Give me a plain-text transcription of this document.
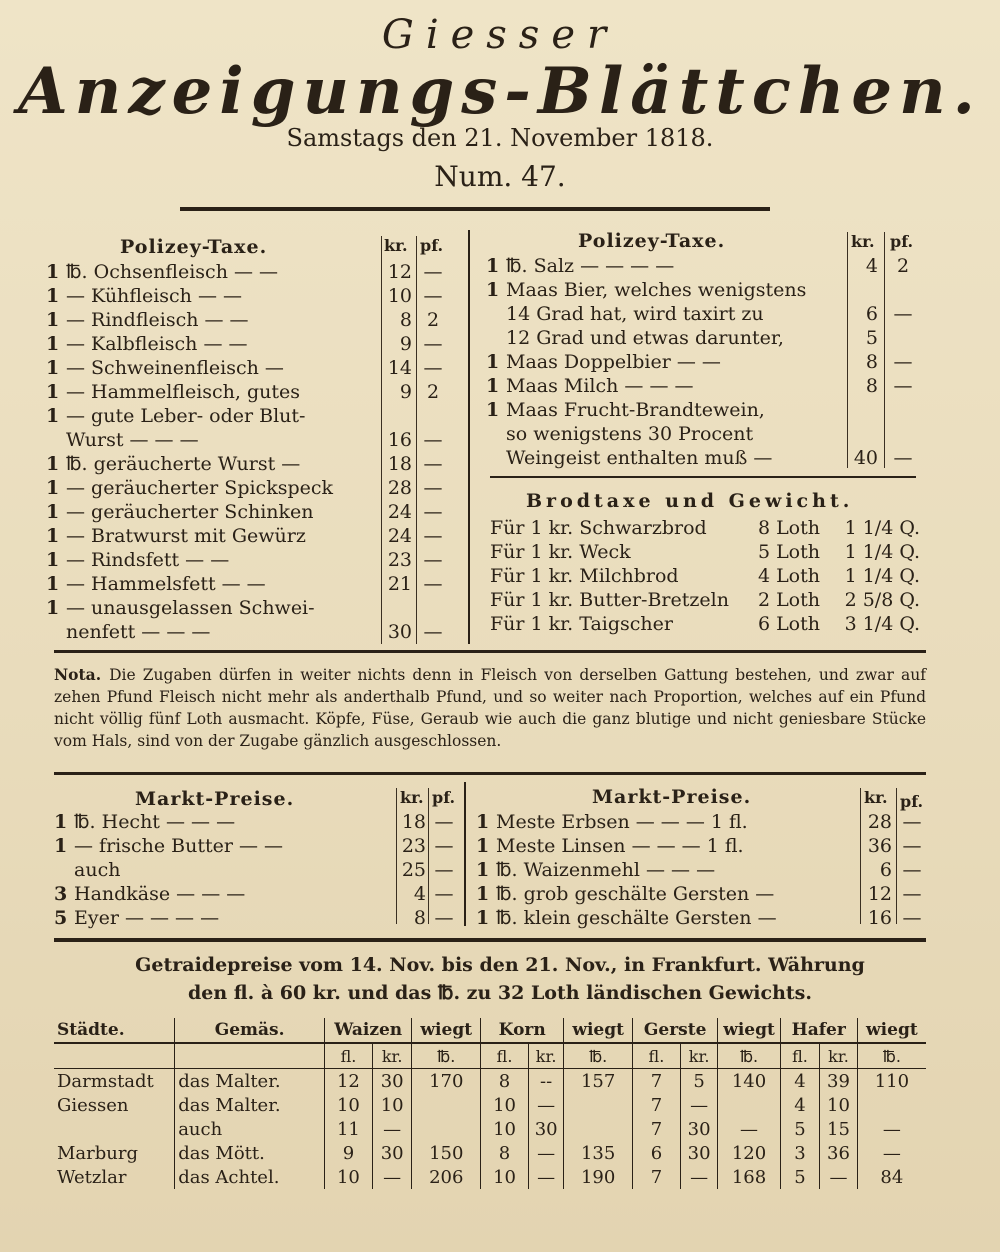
Giesser
Anzeigungs-Blättchen.
Samstags den 21. November 1818.
Num. 47.
Polizey-Taxe.	kr. pf.
1 ℔. Ochsenfleisch — —	12 —
1 — Kühfleisch — —	10 —
1 — Rindfleisch — —	8 2
1 — Kalbfleisch — —	9 —
1 — Schweinenfleisch —	14 —
1 — Hammelfleisch, gutes	9 2
1 — gute Leber- oder Blut-
Wurst — — —	16 —
1 ℔. geräucherte Wurst —	18 —
1 — geräucherter Spickspeck	28 —
1 — geräucherter Schinken	24 —
1 — Bratwurst mit Gewürz	24 —
1 — Rindsfett — —	23 —
1 — Hammelsfett — —	21 —
1 — unausgelassen Schwei-
nenfett — — —	30 —
Polizey-Taxe.	kr. pf.
1 ℔. Salz — — — —	4 2
1 Maas Bier, welches wenigstens
14 Grad hat, wird taxirt zu	6 —
12 Grad und etwas darunter,	5
1 Maas Doppelbier — —	8 —
1 Maas Milch — — —	8 —
1 Maas Frucht-Brandtewein,
so wenigstens 30 Procent
Weingeist enthalten muß —	40 —
Brodtaxe und Gewicht.
Für 1 kr. Schwarzbrod	8 Loth	1 1/4 Q.
Für 1 kr. Weck	5 Loth	1 1/4 Q.
Für 1 kr. Milchbrod	4 Loth	1 1/4 Q.
Für 1 kr. Butter-Bretzeln	2 Loth	2 5/8 Q.
Für 1 kr. Taigscher	6 Loth	3 1/4 Q.
Nota. Die Zugaben dürfen in weiter nichts denn in Fleisch von derselben Gattung bestehen, und zwar auf zehen Pfund Fleisch nicht mehr als anderthalb Pfund, und so weiter nach Proportion, welches auf ein Pfund nicht völlig fünf Loth ausmacht. Köpfe, Füse, Geraub wie auch die ganz blutige und nicht geniesbare Stücke vom Hals, sind von der Zugabe gänzlich ausgeschlossen.
Markt-Preise.	kr. pf.
1 ℔. Hecht — — —	18 —
1 — frische Butter — —	23 —
auch	25 —
3 Handkäse — — —	4 —
5 Eyer — — — —	8 —
Markt-Preise.	kr. pf.
1 Meste Erbsen — — — 1 fl.	28 —
1 Meste Linsen — — — 1 fl.	36 —
1 ℔. Waizenmehl — — —	6 —
1 ℔. grob geschälte Gersten —	12 —
1 ℔. klein geschälte Gersten —	16 —
Getraidepreise vom 14. Nov. bis den 21. Nov., in Frankfurt. Währung
den fl. à 60 kr. und das ℔. zu 32 Loth ländischen Gewichts.
Städte.	Gemäs.	Waizen		wiegt	Korn		wiegt	Gerste		wiegt	Hafer		wiegt
		fl.	kr.	℔.	fl.	kr.	℔.	fl.	kr.	℔.	fl.	kr.	℔.
Darmstadt	das Malter.	12	30	170	8	--	157	7	5	140	4	39	110
Giessen	das Malter.	10	10		10	—		7	—		4	10	
	auch	11	—		10	30		7	30	—	5	15	—
Marburg	das Mött.	9	30	150	8	—	135	6	30	120	3	36	—
Wetzlar	das Achtel.	10	—	206	10	—	190	7	—	168	5	—	84
